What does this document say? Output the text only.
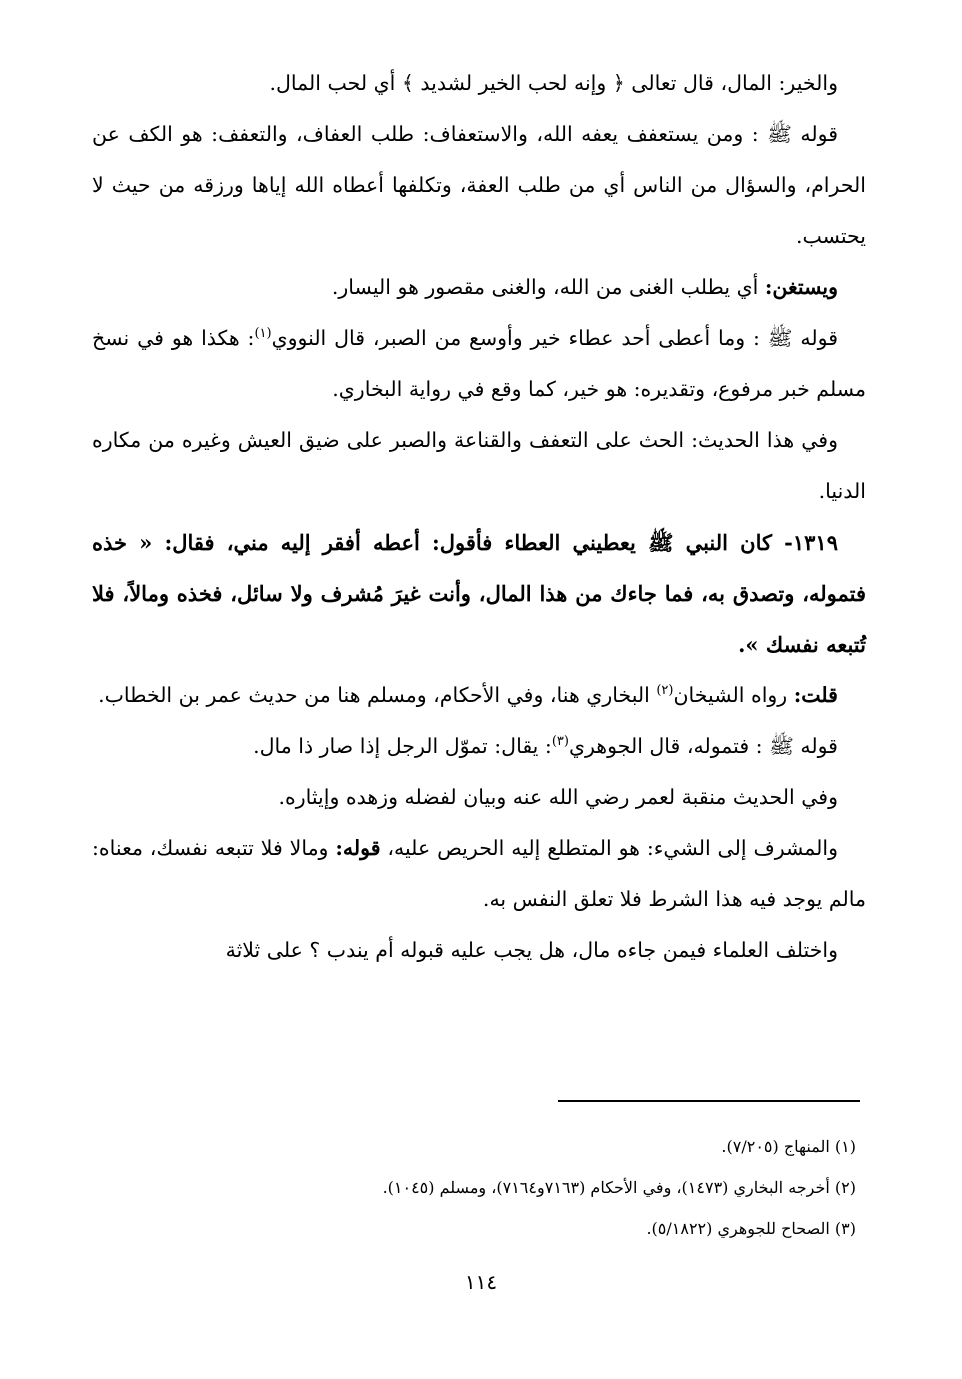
والخير: المال، قال تعالى ﴿ وإنه لحب الخير لشديد ﴾ أي لحب المال.

قوله ﷺ : ومن يستعفف يعفه الله، والاستعفاف: طلب العفاف، والتعفف: هو الكف عن الحرام، والسؤال من الناس أي من طلب العفة، وتكلفها أعطاه الله إياها ورزقه من حيث لا يحتسب.

ويستغن: أي يطلب الغنى من الله، والغنى مقصور هو اليسار.

قوله ﷺ : وما أعطى أحد عطاء خير وأوسع من الصبر، قال النووي$^{(١)}$: هكذا هو في نسخ مسلم خبر مرفوع، وتقديره: هو خير، كما وقع في رواية البخاري.

وفي هذا الحديث: الحث على التعفف والقناعة والصبر على ضيق العيش وغيره من مكاره الدنيا.

١٣١٩- كان النبي ﷺ يعطيني العطاء فأقول: أعطه أفقر إليه مني، فقال: « خذه فتموله، وتصدق به، فما جاءك من هذا المال، وأنت غيرَ مُشرف ولا سائل، فخذه ومالاً، فلا تُتبعه نفسك ».

قلت: رواه الشيخان$^{(٢)}$ البخاري هنا، وفي الأحكام، ومسلم هنا من حديث عمر بن الخطاب.

قوله ﷺ : فتموله، قال الجوهري$^{(٣)}$: يقال: تموّل الرجل إذا صار ذا مال.

وفي الحديث منقبة لعمر رضي الله عنه وبيان لفضله وزهده وإيثاره.

والمشرف إلى الشيء: هو المتطلع إليه الحريص عليه، قوله: ومالا فلا تتبعه نفسك، معناه: مالم يوجد فيه هذا الشرط فلا تعلق النفس به.

واختلف العلماء فيمن جاءه مال، هل يجب عليه قبوله أم يندب ؟ على ثلاثة

(١) المنهاج (٧/٢٠٥).

(٢) أخرجه البخاري (١٤٧٣)، وفي الأحكام (٧١٦٣و٧١٦٤)، ومسلم (١٠٤٥).

(٣) الصحاح للجوهري (٥/١٨٢٢).

١١٤
